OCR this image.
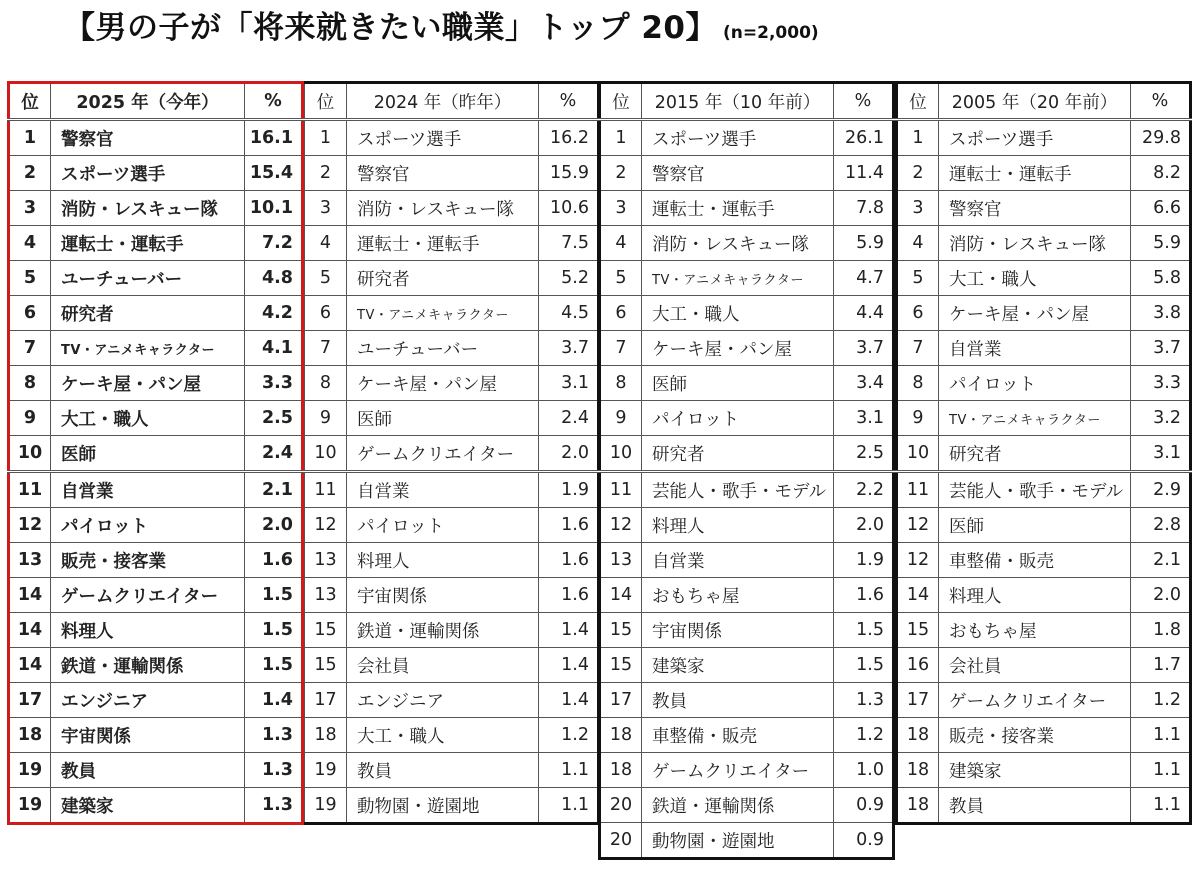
【男の子が「将来就きたい職業」トップ 20】 (n=2,000)
位	2025 年（今年）	%
1	警察官	16.1
2	スポーツ選手	15.4
3	消防・レスキュー隊	10.1
4	運転士・運転手	7.2
5	ユーチューバー	4.8
6	研究者	4.2
7	TV・アニメキャラクター	4.1
8	ケーキ屋・パン屋	3.3
9	大工・職人	2.5
10	医師	2.4
11	自営業	2.1
12	パイロット	2.0
13	販売・接客業	1.6
14	ゲームクリエイター	1.5
14	料理人	1.5
14	鉄道・運輸関係	1.5
17	エンジニア	1.4
18	宇宙関係	1.3
19	教員	1.3
19	建築家	1.3
位	2024 年（昨年）	%
1	スポーツ選手	16.2
2	警察官	15.9
3	消防・レスキュー隊	10.6
4	運転士・運転手	7.5
5	研究者	5.2
6	TV・アニメキャラクター	4.5
7	ユーチューバー	3.7
8	ケーキ屋・パン屋	3.1
9	医師	2.4
10	ゲームクリエイター	2.0
11	自営業	1.9
12	パイロット	1.6
13	料理人	1.6
13	宇宙関係	1.6
15	鉄道・運輸関係	1.4
15	会社員	1.4
17	エンジニア	1.4
18	大工・職人	1.2
19	教員	1.1
19	動物園・遊園地	1.1
位	2015 年（10 年前）	%
1	スポーツ選手	26.1
2	警察官	11.4
3	運転士・運転手	7.8
4	消防・レスキュー隊	5.9
5	TV・アニメキャラクター	4.7
6	大工・職人	4.4
7	ケーキ屋・パン屋	3.7
8	医師	3.4
9	パイロット	3.1
10	研究者	2.5
11	芸能人・歌手・モデル	2.2
12	料理人	2.0
13	自営業	1.9
14	おもちゃ屋	1.6
15	宇宙関係	1.5
15	建築家	1.5
17	教員	1.3
18	車整備・販売	1.2
18	ゲームクリエイター	1.0
20	鉄道・運輸関係	0.9
20	動物園・遊園地	0.9
位	2005 年（20 年前）	%
1	スポーツ選手	29.8
2	運転士・運転手	8.2
3	警察官	6.6
4	消防・レスキュー隊	5.9
5	大工・職人	5.8
6	ケーキ屋・パン屋	3.8
7	自営業	3.7
8	パイロット	3.3
9	TV・アニメキャラクター	3.2
10	研究者	3.1
11	芸能人・歌手・モデル	2.9
12	医師	2.8
12	車整備・販売	2.1
14	料理人	2.0
15	おもちゃ屋	1.8
16	会社員	1.7
17	ゲームクリエイター	1.2
18	販売・接客業	1.1
18	建築家	1.1
18	教員	1.1
